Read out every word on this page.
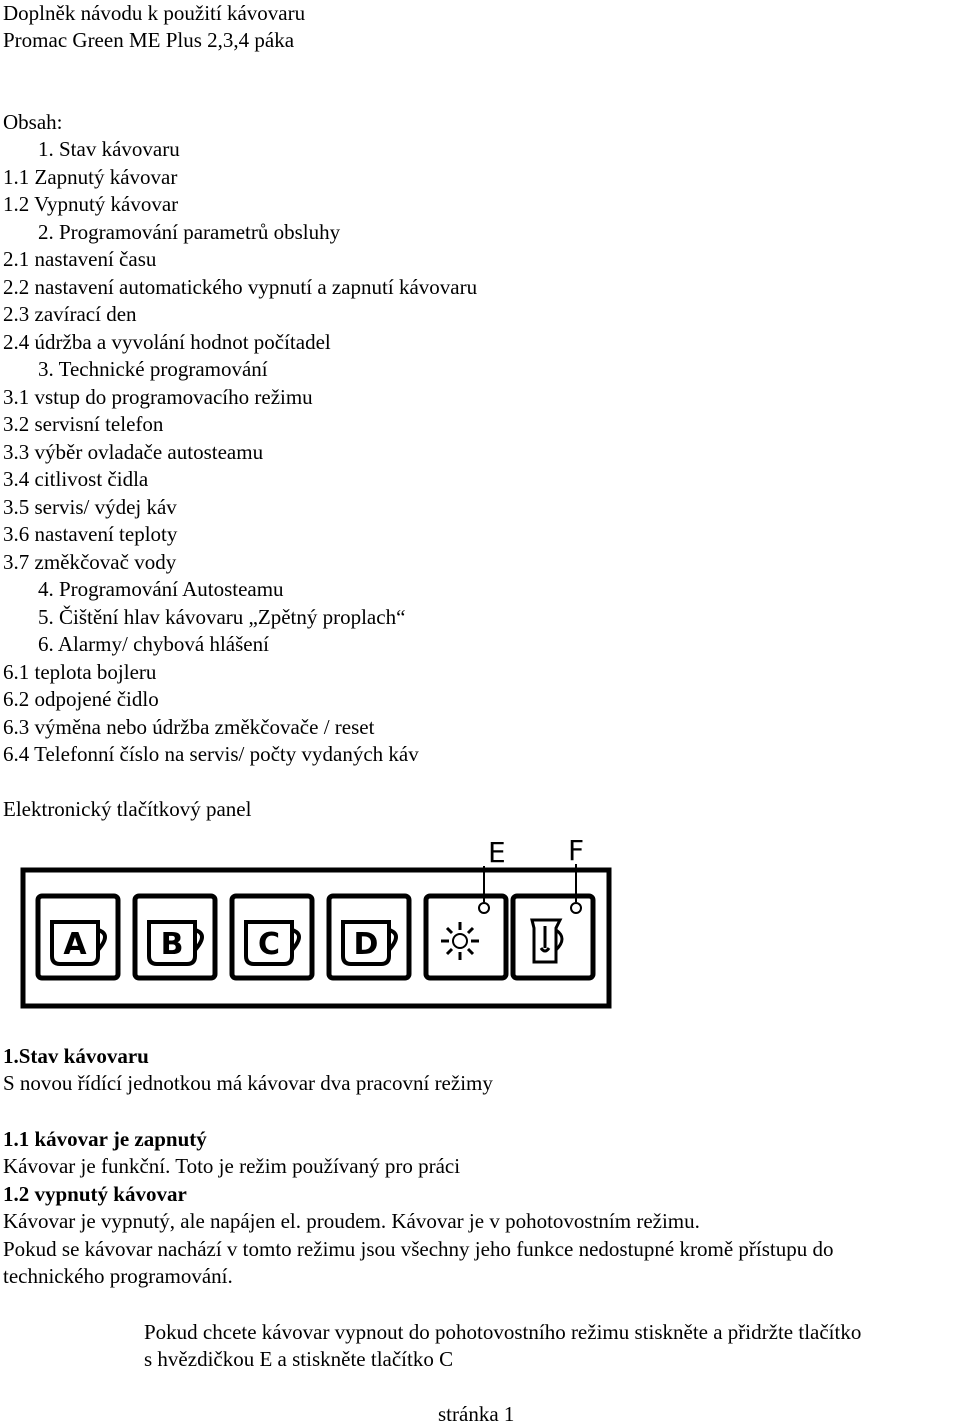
Doplněk návodu k použití kávovaru
Promac Green ME Plus 2,3,4 páka
Obsah:
1. Stav kávovaru
1.1 Zapnutý kávovar
1.2 Vypnutý kávovar
2. Programování parametrů obsluhy
2.1 nastavení času
2.2 nastavení automatického vypnutí a zapnutí kávovaru
2.3 zavírací den
2.4 údržba a vyvolání hodnot počítadel
3. Technické programování
3.1 vstup do programovacího režimu
3.2 servisní telefon
3.3 výběr ovladače autosteamu
3.4 citlivost čidla
3.5 servis/ výdej káv
3.6 nastavení teploty
3.7 změkčovač vody
4. Programování Autosteamu
5. Čištění hlav kávovaru „Zpětný proplach“
6. Alarmy/ chybová hlášení
6.1 teplota bojleru
6.2 odpojené čidlo
6.3 výměna nebo údržba změkčovače / reset
6.4 Telefonní číslo na servis/ počty vydaných káv
Elektronický tlačítkový panel
E F
A B C D
1.Stav kávovaru
S novou řídící jednotkou má kávovar dva pracovní režimy
1.1 kávovar je zapnutý
Kávovar je funkční. Toto je režim používaný pro práci
1.2 vypnutý kávovar
Kávovar je vypnutý, ale napájen el. proudem. Kávovar je v pohotovostním režimu.
Pokud se kávovar nachází v tomto režimu jsou všechny jeho funkce nedostupné kromě přístupu do
technického programování.
Pokud chcete kávovar vypnout do pohotovostního režimu stiskněte a přidržte tlačítko
s hvězdičkou E a stiskněte tlačítko C
stránka 1
